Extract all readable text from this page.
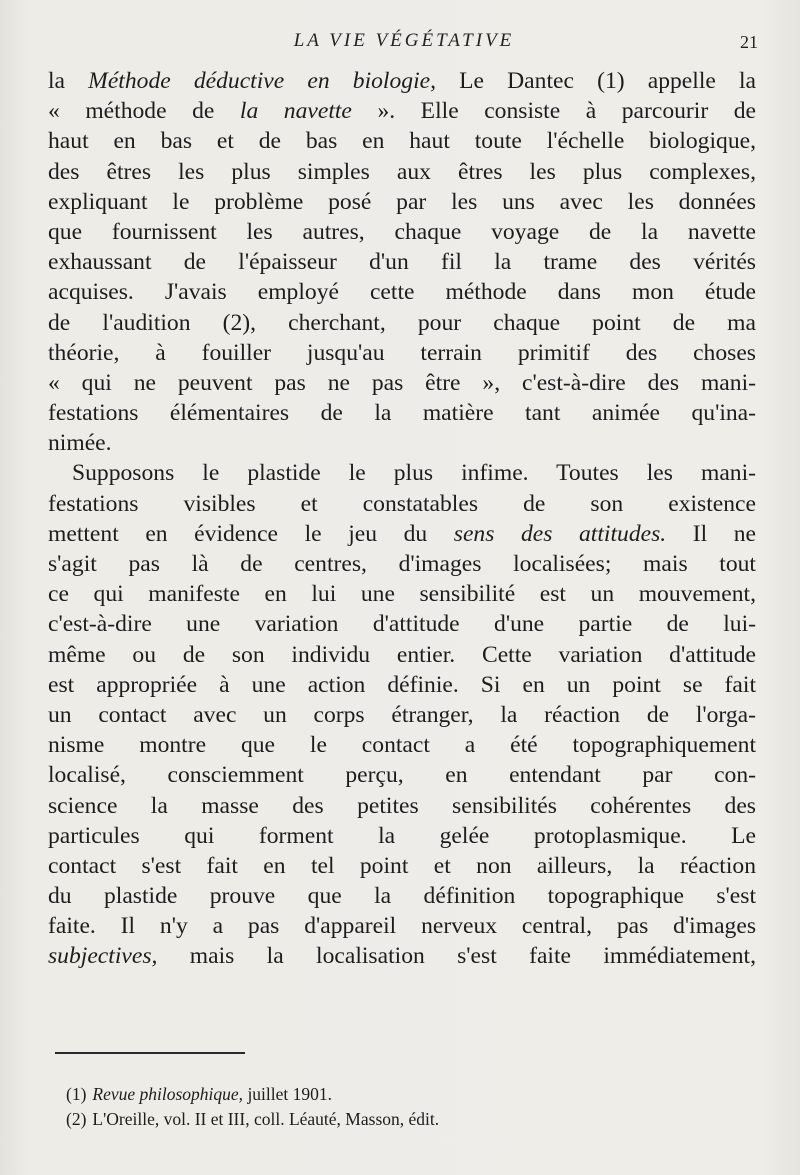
LA VIE VÉGÉTATIVE	21
la Méthode déductive en biologie, Le Dantec (1) appelle la
« méthode de la navette ». Elle consiste à parcourir de
haut en bas et de bas en haut toute l'échelle biologique,
des êtres les plus simples aux êtres les plus complexes,
expliquant le problème posé par les uns avec les données
que fournissent les autres, chaque voyage de la navette
exhaussant de l'épaisseur d'un fil la trame des vérités
acquises. J'avais employé cette méthode dans mon étude
de l'audition (2), cherchant, pour chaque point de ma
théorie, à fouiller jusqu'au terrain primitif des choses
« qui ne peuvent pas ne pas être », c'est-à-dire des mani-
festations élémentaires de la matière tant animée qu'ina-
nimée.
Supposons le plastide le plus infime. Toutes les mani-
festations visibles et constatables de son existence
mettent en évidence le jeu du sens des attitudes. Il ne
s'agit pas là de centres, d'images localisées; mais tout
ce qui manifeste en lui une sensibilité est un mouvement,
c'est-à-dire une variation d'attitude d'une partie de lui-
même ou de son individu entier. Cette variation d'attitude
est appropriée à une action définie. Si en un point se fait
un contact avec un corps étranger, la réaction de l'orga-
nisme montre que le contact a été topographiquement
localisé, consciemment perçu, en entendant par con-
science la masse des petites sensibilités cohérentes des
particules qui forment la gelée protoplasmique. Le
contact s'est fait en tel point et non ailleurs, la réaction
du plastide prouve que la définition topographique s'est
faite. Il n'y a pas d'appareil nerveux central, pas d'images
subjectives, mais la localisation s'est faite immédiatement,
(1) Revue philosophique, juillet 1901.
(2) L'Oreille, vol. II et III, coll. Léauté, Masson, édit.
